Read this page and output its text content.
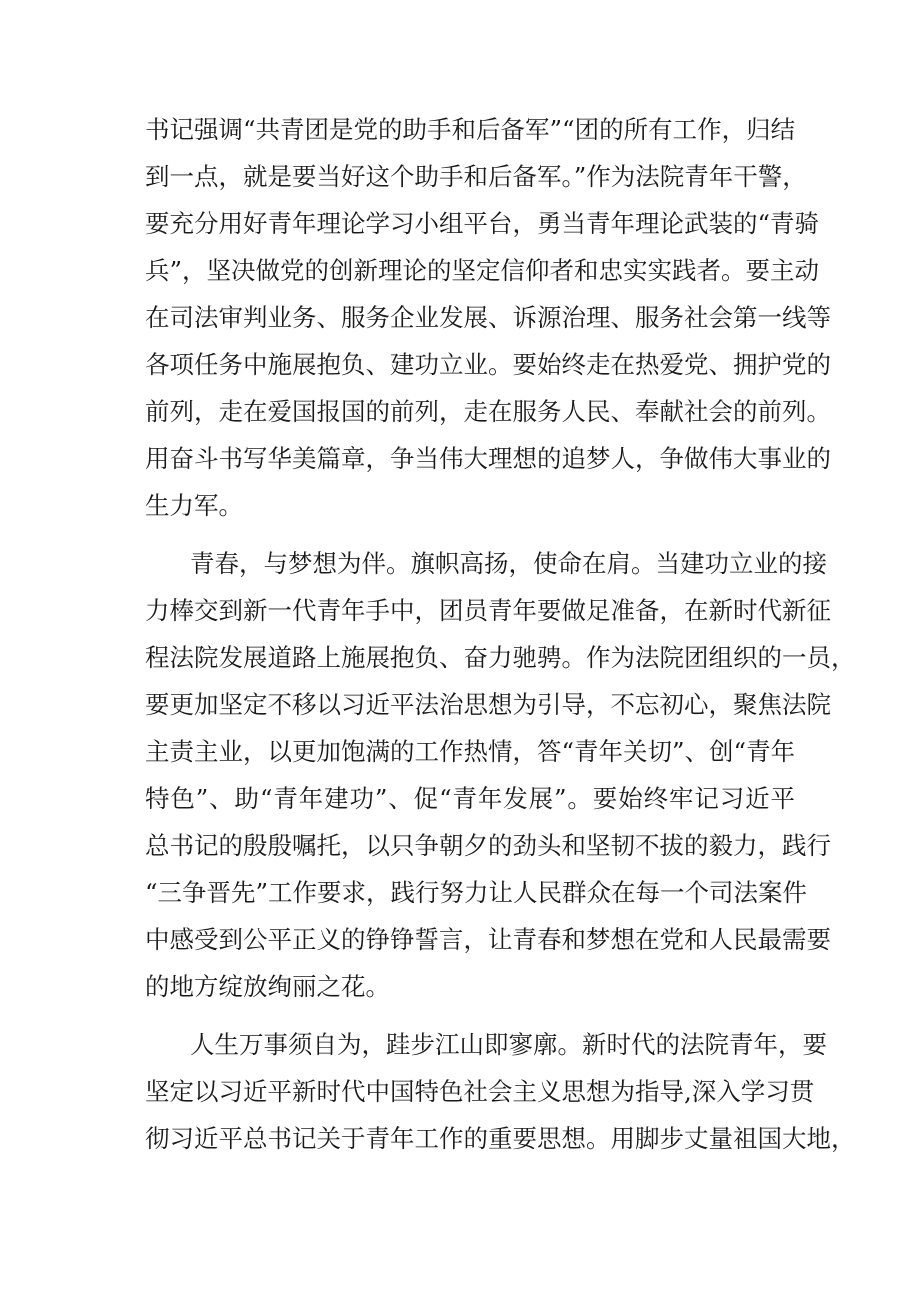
书记强调“共青团是党的助手和后备军”“团的所有工作，归结
到一点，就是要当好这个助手和后备军。”作为法院青年干警，
要充分用好青年理论学习小组平台，勇当青年理论武装的“青骑
兵”，坚决做党的创新理论的坚定信仰者和忠实实践者。要主动
在司法审判业务、服务企业发展、诉源治理、服务社会第一线等
各项任务中施展抱负、建功立业。要始终走在热爱党、拥护党的
前列，走在爱国报国的前列，走在服务人民、奉献社会的前列。
用奋斗书写华美篇章，争当伟大理想的追梦人，争做伟大事业的
生力军。
青春，与梦想为伴。旗帜高扬，使命在肩。当建功立业的接
力棒交到新一代青年手中，团员青年要做足准备，在新时代新征
程法院发展道路上施展抱负、奋力驰骋。作为法院团组织的一员，
要更加坚定不移以习近平法治思想为引导，不忘初心，聚焦法院
主责主业，以更加饱满的工作热情，答“青年关切”、创“青年
特色”、助“青年建功”、促“青年发展”。要始终牢记习近平
总书记的殷殷嘱托，以只争朝夕的劲头和坚韧不拔的毅力，践行
“三争晋先”工作要求，践行努力让人民群众在每一个司法案件
中感受到公平正义的铮铮誓言，让青春和梦想在党和人民最需要
的地方绽放绚丽之花。
人生万事须自为，跬步江山即寥廓。新时代的法院青年，要
坚定以习近平新时代中国特色社会主义思想为指导,深入学习贯
彻习近平总书记关于青年工作的重要思想。用脚步丈量祖国大地，
